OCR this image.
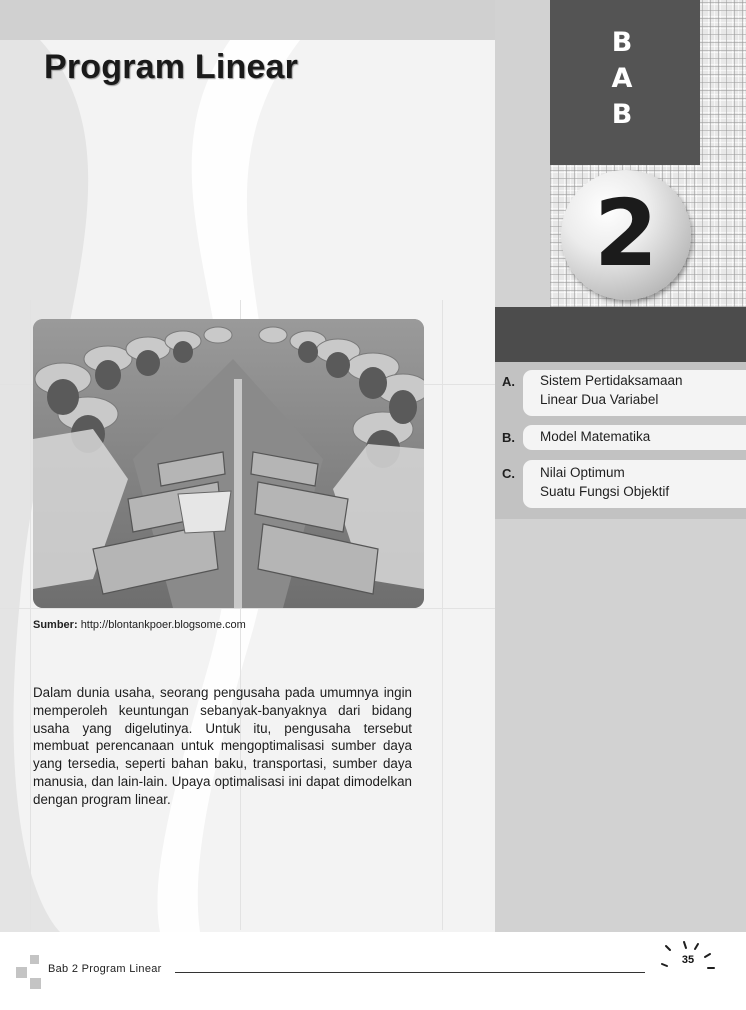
Program Linear

Sumber: http://blontankpoer.blogsome.com

Dalam dunia usaha, seorang pengusaha pada umumnya ingin memperoleh keuntungan sebanyak-banyaknya dari bidang usaha yang digelutinya. Untuk itu, pengusaha tersebut membuat perencanaan untuk mengoptimalisasi sumber daya yang tersedia, seperti bahan baku, transportasi, sumber daya manusia, dan lain-lain. Upaya optimalisasi ini dapat dimodelkan dengan program linear.

B
A
B
2
A. Sistem Pertidaksamaan
Linear Dua Variabel
B. Model Matematika
C. Nilai Optimum
Suatu Fungsi Objektif
Bab 2 Program Linear
35
